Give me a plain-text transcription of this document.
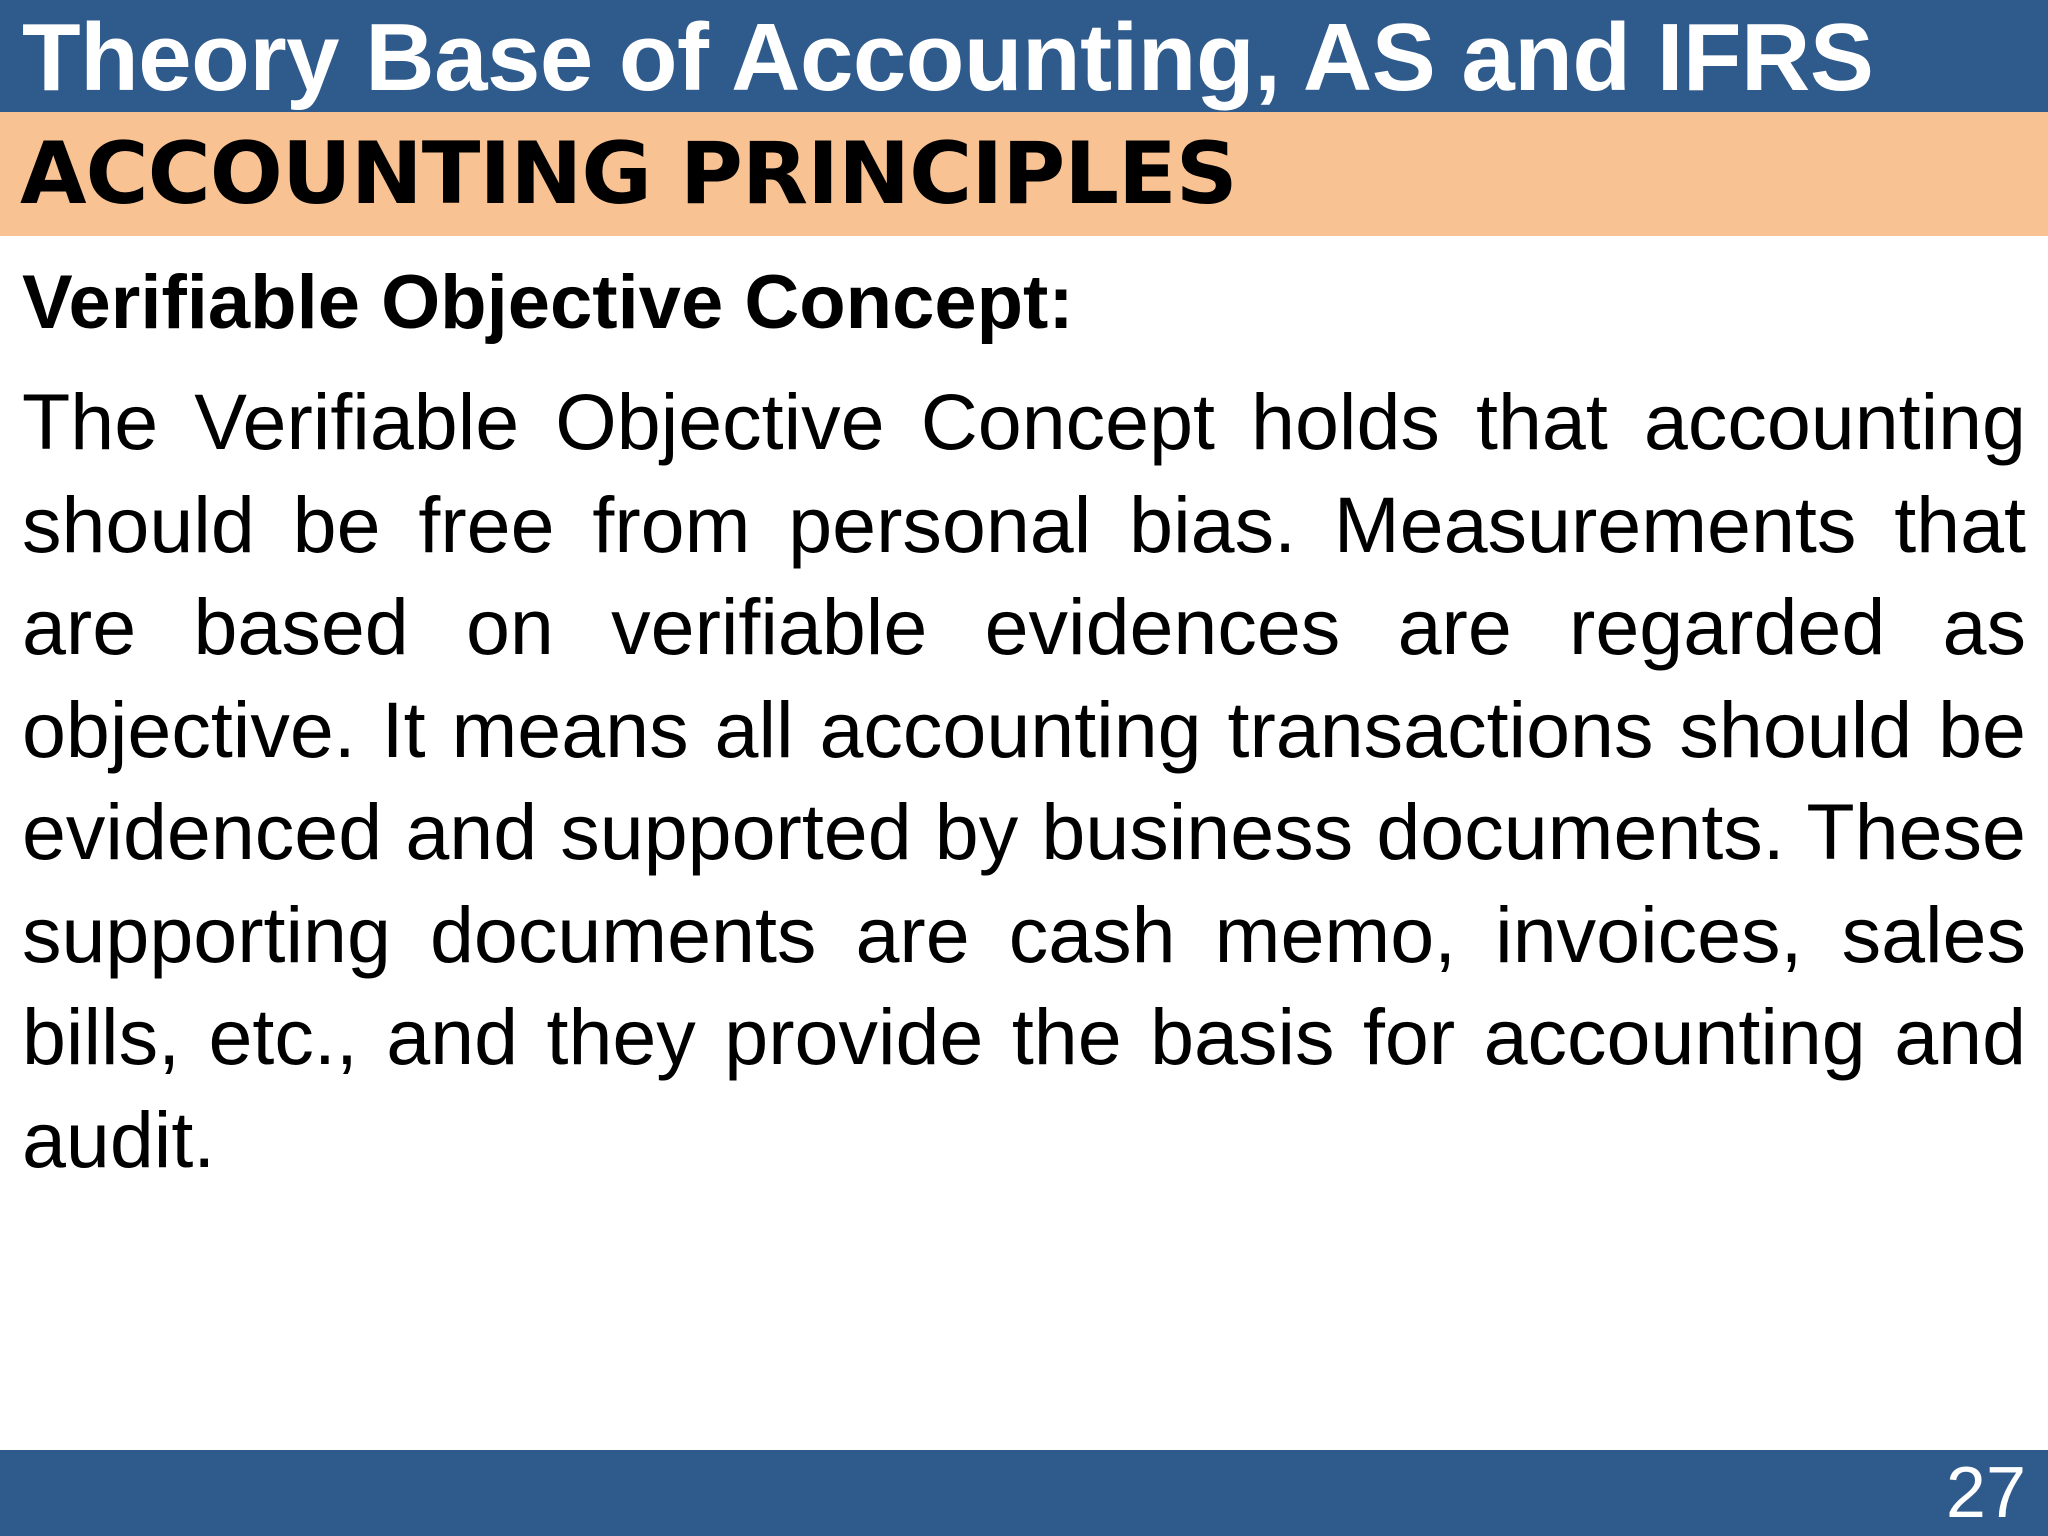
Theory Base of Accounting, AS and IFRS
ACCOUNTING PRINCIPLES
Verifiable Objective Concept:

The Verifiable Objective Concept holds that accounting should be free from personal bias. Measurements that are based on verifiable evidences are regarded as objective. It means all accounting transactions should be evidenced and supported by business documents. These supporting documents are cash memo, invoices, sales bills, etc., and they provide the basis for accounting and audit.

27
